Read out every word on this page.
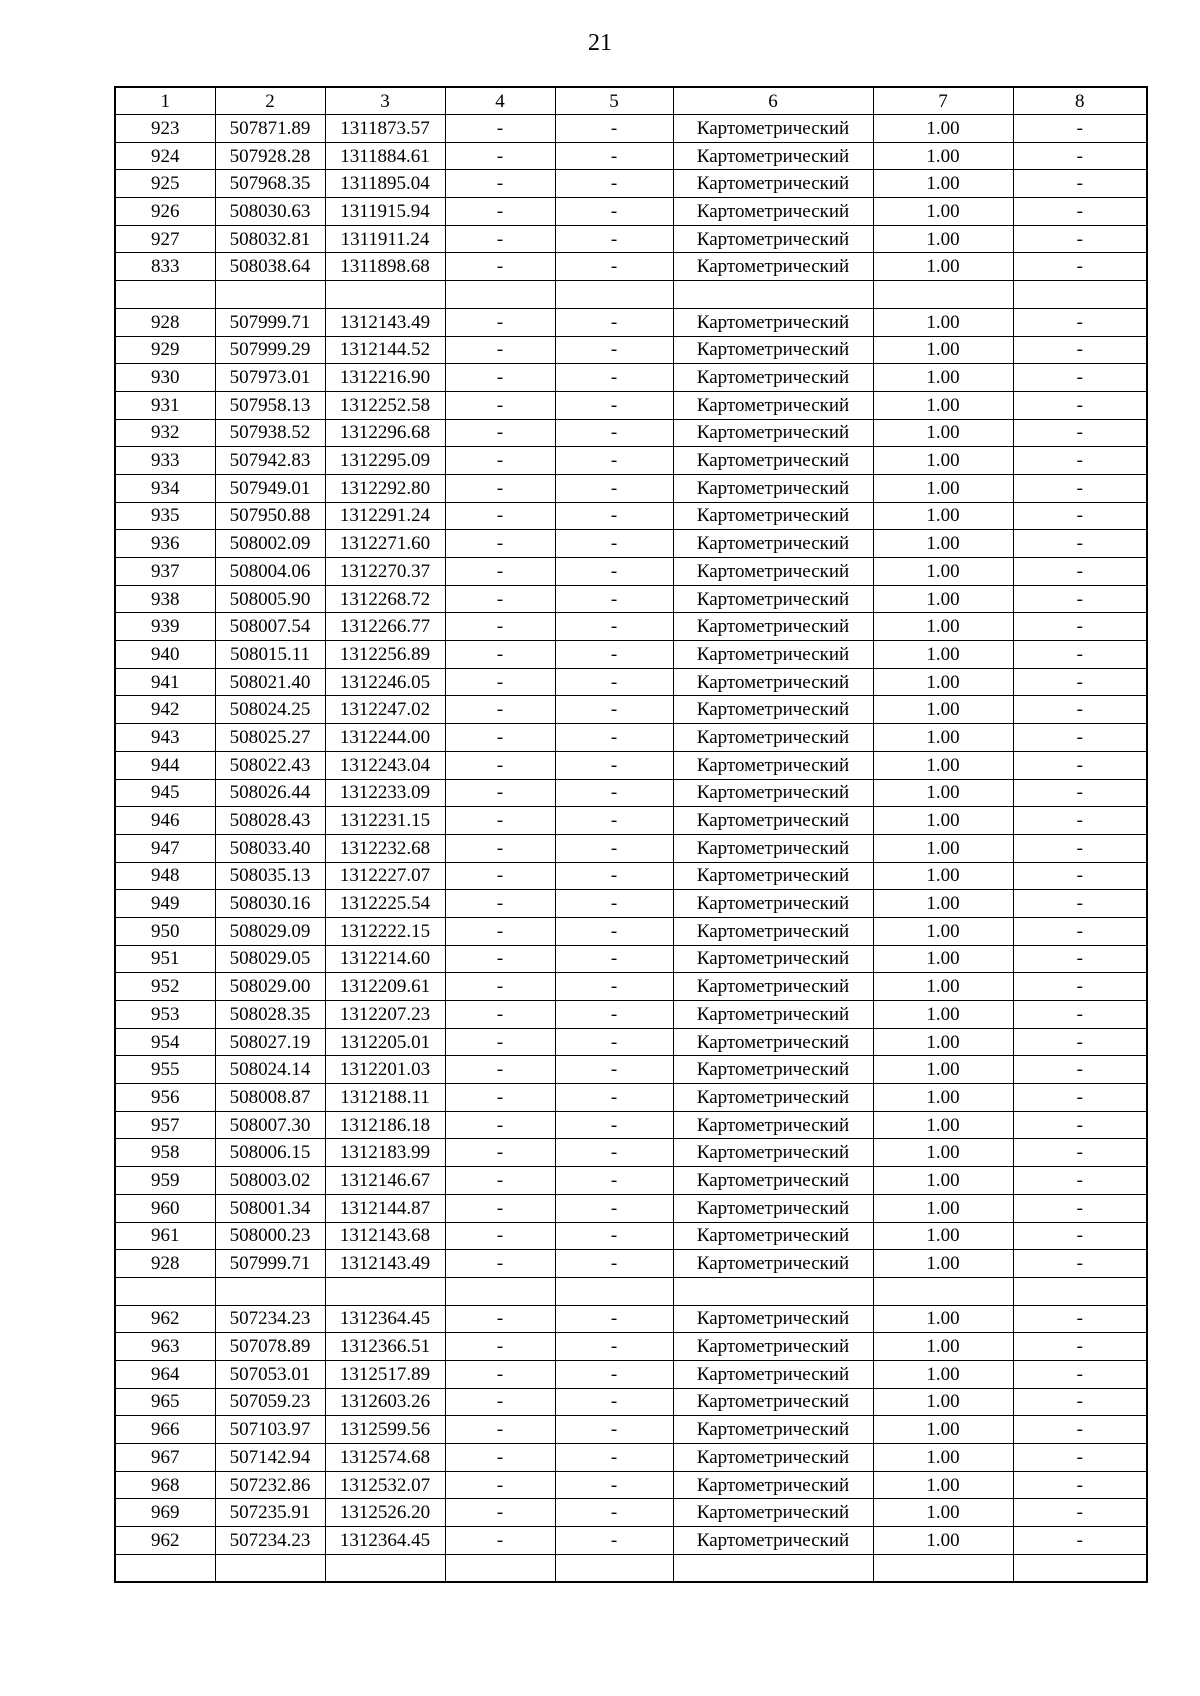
21
1	2	3	4	5	6	7	8
923	507871.89	1311873.57	-	-	Картометрический	1.00	-
924	507928.28	1311884.61	-	-	Картометрический	1.00	-
925	507968.35	1311895.04	-	-	Картометрический	1.00	-
926	508030.63	1311915.94	-	-	Картометрический	1.00	-
927	508032.81	1311911.24	-	-	Картометрический	1.00	-
833	508038.64	1311898.68	-	-	Картометрический	1.00	-

928	507999.71	1312143.49	-	-	Картометрический	1.00	-
929	507999.29	1312144.52	-	-	Картометрический	1.00	-
930	507973.01	1312216.90	-	-	Картометрический	1.00	-
931	507958.13	1312252.58	-	-	Картометрический	1.00	-
932	507938.52	1312296.68	-	-	Картометрический	1.00	-
933	507942.83	1312295.09	-	-	Картометрический	1.00	-
934	507949.01	1312292.80	-	-	Картометрический	1.00	-
935	507950.88	1312291.24	-	-	Картометрический	1.00	-
936	508002.09	1312271.60	-	-	Картометрический	1.00	-
937	508004.06	1312270.37	-	-	Картометрический	1.00	-
938	508005.90	1312268.72	-	-	Картометрический	1.00	-
939	508007.54	1312266.77	-	-	Картометрический	1.00	-
940	508015.11	1312256.89	-	-	Картометрический	1.00	-
941	508021.40	1312246.05	-	-	Картометрический	1.00	-
942	508024.25	1312247.02	-	-	Картометрический	1.00	-
943	508025.27	1312244.00	-	-	Картометрический	1.00	-
944	508022.43	1312243.04	-	-	Картометрический	1.00	-
945	508026.44	1312233.09	-	-	Картометрический	1.00	-
946	508028.43	1312231.15	-	-	Картометрический	1.00	-
947	508033.40	1312232.68	-	-	Картометрический	1.00	-
948	508035.13	1312227.07	-	-	Картометрический	1.00	-
949	508030.16	1312225.54	-	-	Картометрический	1.00	-
950	508029.09	1312222.15	-	-	Картометрический	1.00	-
951	508029.05	1312214.60	-	-	Картометрический	1.00	-
952	508029.00	1312209.61	-	-	Картометрический	1.00	-
953	508028.35	1312207.23	-	-	Картометрический	1.00	-
954	508027.19	1312205.01	-	-	Картометрический	1.00	-
955	508024.14	1312201.03	-	-	Картометрический	1.00	-
956	508008.87	1312188.11	-	-	Картометрический	1.00	-
957	508007.30	1312186.18	-	-	Картометрический	1.00	-
958	508006.15	1312183.99	-	-	Картометрический	1.00	-
959	508003.02	1312146.67	-	-	Картометрический	1.00	-
960	508001.34	1312144.87	-	-	Картометрический	1.00	-
961	508000.23	1312143.68	-	-	Картометрический	1.00	-
928	507999.71	1312143.49	-	-	Картометрический	1.00	-

962	507234.23	1312364.45	-	-	Картометрический	1.00	-
963	507078.89	1312366.51	-	-	Картометрический	1.00	-
964	507053.01	1312517.89	-	-	Картометрический	1.00	-
965	507059.23	1312603.26	-	-	Картометрический	1.00	-
966	507103.97	1312599.56	-	-	Картометрический	1.00	-
967	507142.94	1312574.68	-	-	Картометрический	1.00	-
968	507232.86	1312532.07	-	-	Картометрический	1.00	-
969	507235.91	1312526.20	-	-	Картометрический	1.00	-
962	507234.23	1312364.45	-	-	Картометрический	1.00	-
